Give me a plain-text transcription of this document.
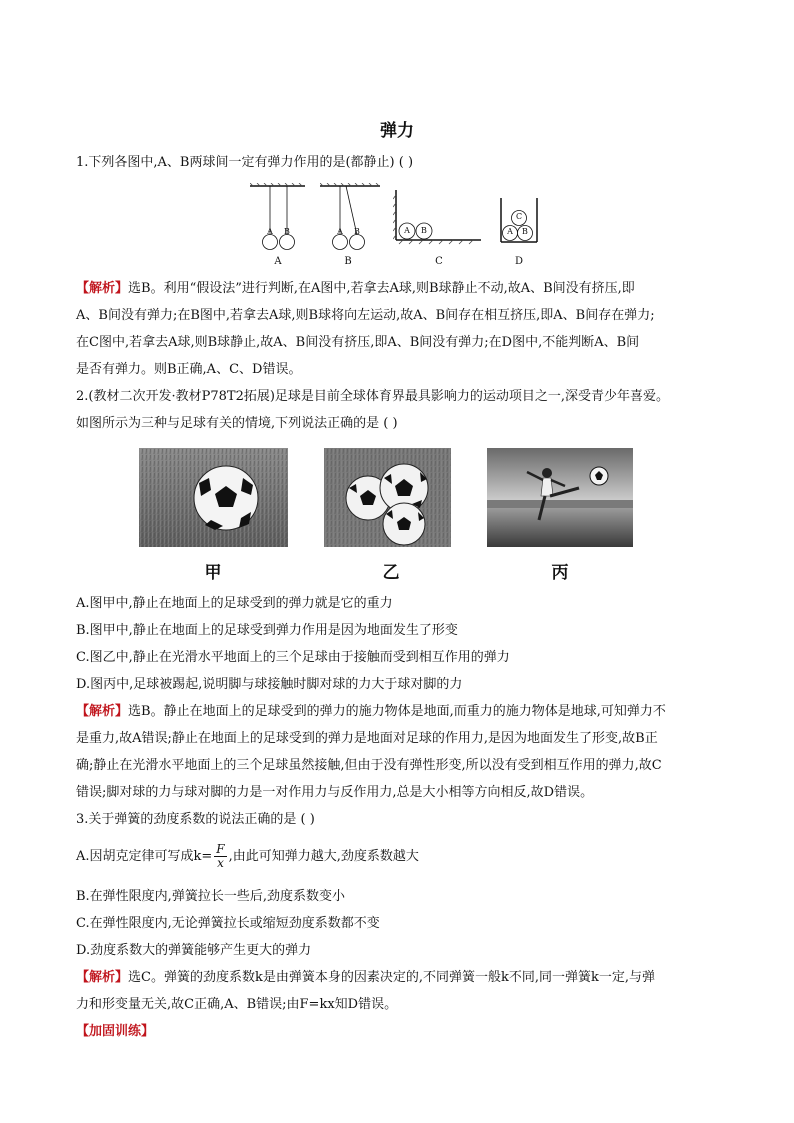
弹力
1.下列各图中,A、B两球间一定有弹力作用的是(都静止) ( )
A	B
A
A	B
B
A	B
C
C
A	B
D
【解析】选B。利用“假设法”进行判断,在A图中,若拿去A球,则B球静止不动,故A、B间没有挤压,即
A、B间没有弹力;在B图中,若拿去A球,则B球将向左运动,故A、B间存在相互挤压,即A、B间存在弹力;
在C图中,若拿去A球,则B球静止,故A、B间没有挤压,即A、B间没有弹力;在D图中,不能判断A、B间
是否有弹力。则B正确,A、C、D错误。
2.(教材二次开发·教材P78T2拓展)足球是目前全球体育界最具影响力的运动项目之一,深受青少年喜爱。
如图所示为三种与足球有关的情境,下列说法正确的是 ( )
甲	乙	丙
A.图甲中,静止在地面上的足球受到的弹力就是它的重力
B.图甲中,静止在地面上的足球受到弹力作用是因为地面发生了形变
C.图乙中,静止在光滑水平地面上的三个足球由于接触而受到相互作用的弹力
D.图丙中,足球被踢起,说明脚与球接触时脚对球的力大于球对脚的力
【解析】选B。静止在地面上的足球受到的弹力的施力物体是地面,而重力的施力物体是地球,可知弹力不
是重力,故A错误;静止在地面上的足球受到的弹力是地面对足球的作用力,是因为地面发生了形变,故B正
确;静止在光滑水平地面上的三个足球虽然接触,但由于没有弹性形变,所以没有受到相互作用的弹力,故C
错误;脚对球的力与球对脚的力是一对作用力与反作用力,总是大小相等方向相反,故D错误。
3.关于弹簧的劲度系数的说法正确的是 ( )
A.因胡克定律可写成$k= \frac{F}{x}$ ,由此可知弹力越大,劲度系数越大
B.在弹性限度内,弹簧拉长一些后,劲度系数变小
C.在弹性限度内,无论弹簧拉长或缩短劲度系数都不变
D.劲度系数大的弹簧能够产生更大的弹力
【解析】选C。弹簧的劲度系数k是由弹簧本身的因素决定的,不同弹簧一般k不同,同一弹簧k一定,与弹
力和形变量无关,故C正确,A、B错误;由F=kx知D错误。
【加固训练】
